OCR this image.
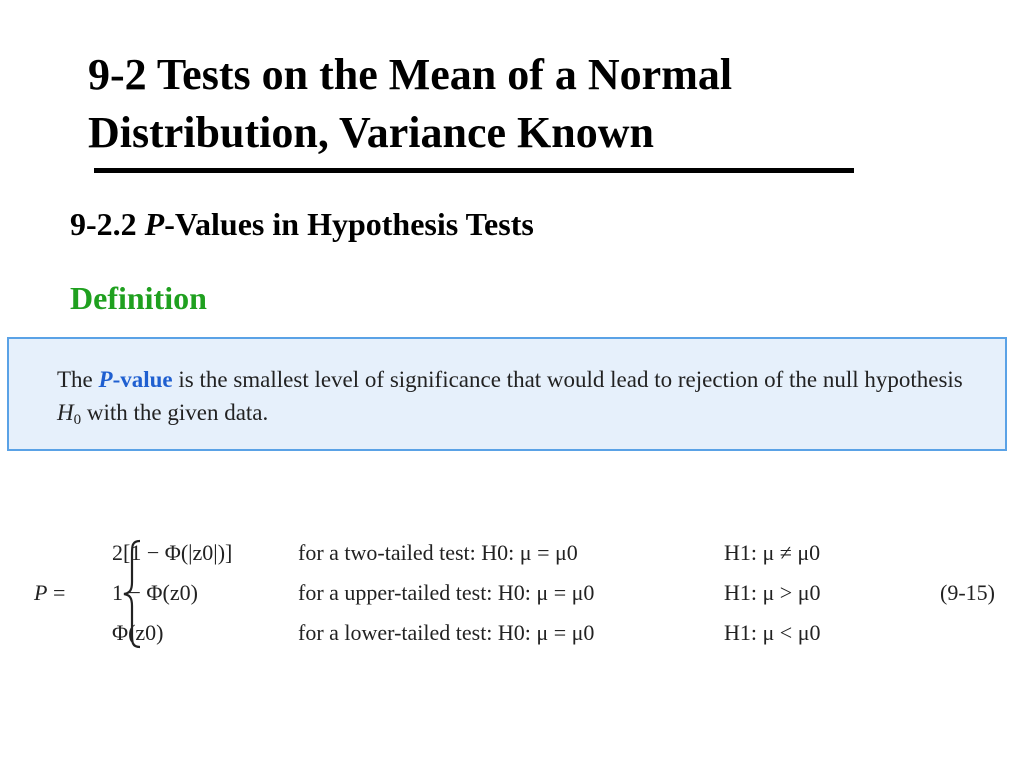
9-2 Tests on the Mean of a Normal Distribution, Variance Known
9-2.2 P-Values in Hypothesis Tests
Definition
The P-value is the smallest level of significance that would lead to rejection of the null hypothesis $H_0$ with the given data.
P =
2[1 − Φ(|z0|)]	for a two-tailed test: H0: μ = μ0	H1: μ ≠ μ0
1 − Φ(z0)	for a upper-tailed test: H0: μ = μ0	H1: μ > μ0
Φ(z0)	for a lower-tailed test: H0: μ = μ0	H1: μ < μ0
(9-15)
